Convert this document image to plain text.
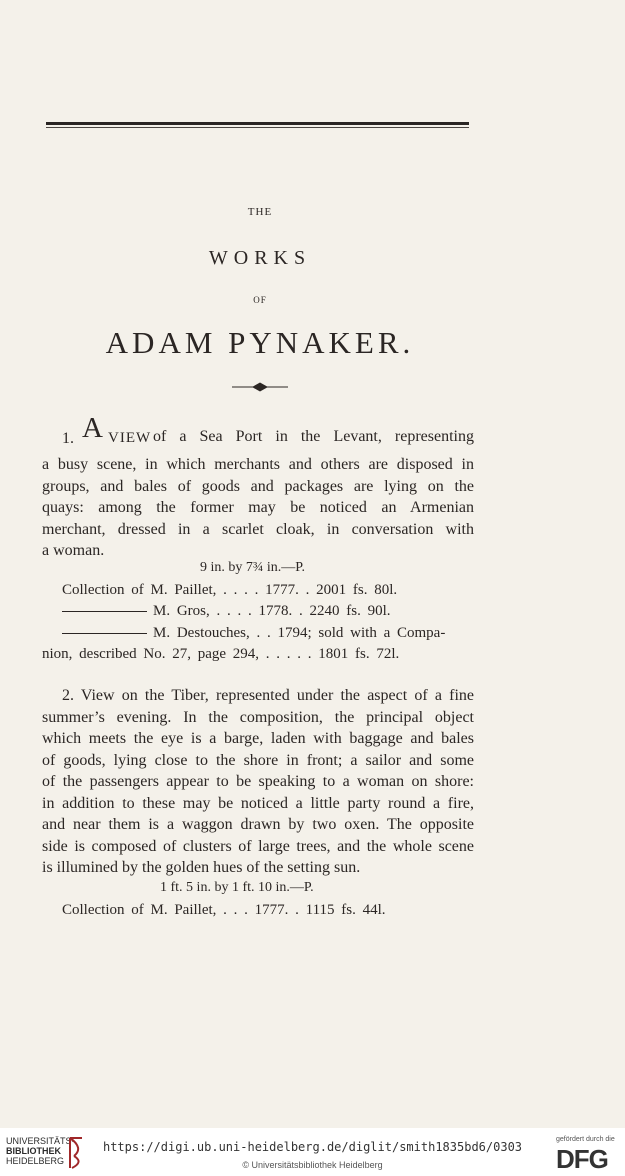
THE
WORKS
OF
ADAM PYNAKER.
1. A VIEW of a Sea Port in the Levant, representing
a busy scene, in which merchants and others are disposed in
groups, and bales of goods and packages are lying on the
quays: among the former may be noticed an Armenian
merchant, dressed in a scarlet cloak, in conversation with
a woman.
9 in. by 7¾ in.—P.
Collection of M. Paillet, . . . . 1777. . 2001 fs. 80l.
M. Gros, . . . . 1778. . 2240 fs. 90l.
M. Destouches, . . 1794; sold with a Compa-
nion, described No. 27, page 294, . . . . . 1801 fs. 72l.
2. View on the Tiber, represented under the aspect of a fine
summer’s evening. In the composition, the principal object
which meets the eye is a barge, laden with baggage and bales
of goods, lying close to the shore in front; a sailor and some
of the passengers appear to be speaking to a woman on shore:
in addition to these may be noticed a little party round a fire,
and near them is a waggon drawn by two oxen. The opposite
side is composed of clusters of large trees, and the whole scene
is illumined by the golden hues of the setting sun.
1 ft. 5 in. by 1 ft. 10 in.—P.
Collection of M. Paillet, . . . 1777. . 1115 fs. 44l.
UNIVERSITÄTS-
BIBLIOTHEK
HEIDELBERG
https://digi.ub.uni-heidelberg.de/diglit/smith1835bd6/0303
© Universitätsbibliothek Heidelberg
gefördert durch die
DFG
